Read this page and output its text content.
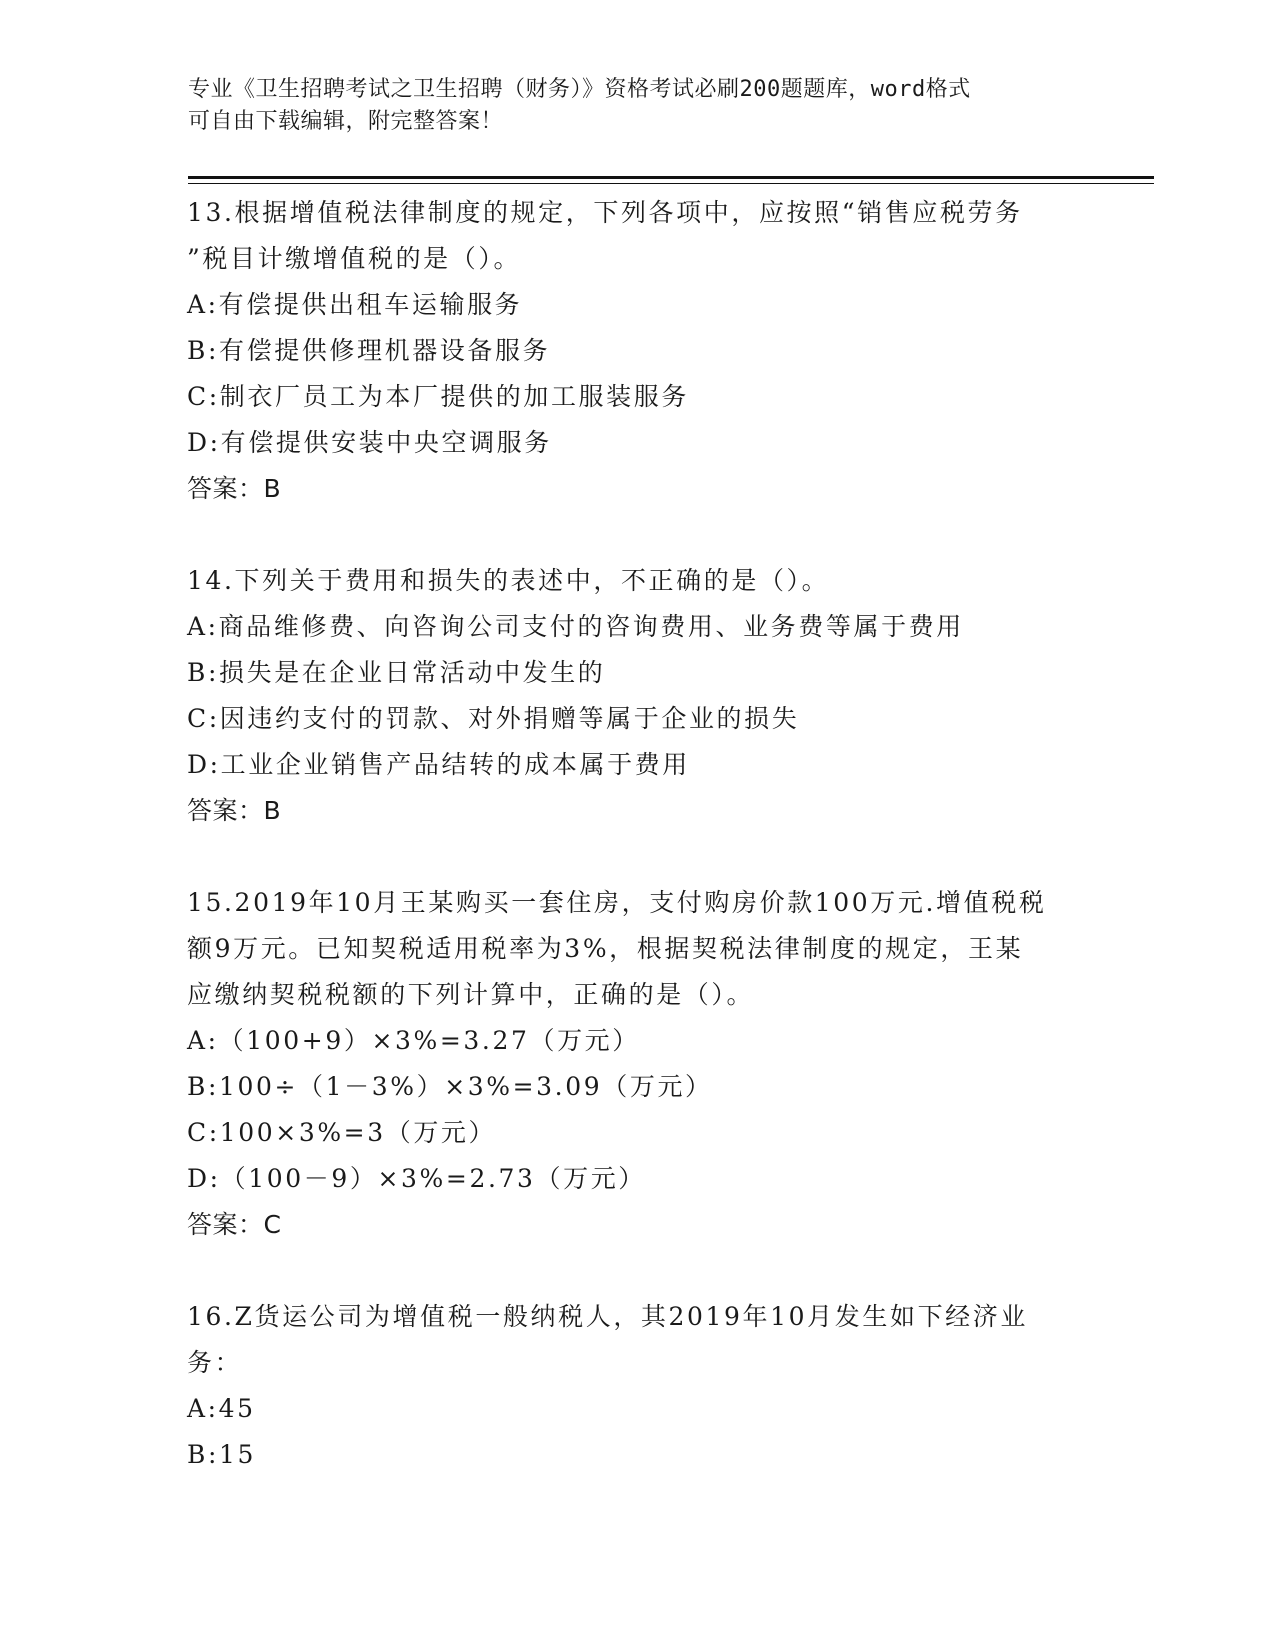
专业《卫生招聘考试之卫生招聘（财务）》资格考试必刷200题题库，word格式
可自由下载编辑，附完整答案！
13.根据增值税法律制度的规定，下列各项中，应按照“销售应税劳务
”税目计缴增值税的是（）。
A:有偿提供出租车运输服务
B:有偿提供修理机器设备服务
C:制衣厂员工为本厂提供的加工服装服务
D:有偿提供安装中央空调服务
答案：B
14.下列关于费用和损失的表述中，不正确的是（）。
A:商品维修费、向咨询公司支付的咨询费用、业务费等属于费用
B:损失是在企业日常活动中发生的
C:因违约支付的罚款、对外捐赠等属于企业的损失
D:工业企业销售产品结转的成本属于费用
答案：B
15.2019年10月王某购买一套住房，支付购房价款100万元.增值税税
额9万元。已知契税适用税率为3%，根据契税法律制度的规定，王某
应缴纳契税税额的下列计算中，正确的是（）。
A:（100+9）×3%=3.27（万元）
B:100÷（1－3%）×3%=3.09（万元）
C:100×3%=3（万元）
D:（100－9）×3%=2.73（万元）
答案：C
16.Z货运公司为增值税一般纳税人，其2019年10月发生如下经济业
务：
A:45
B:15
